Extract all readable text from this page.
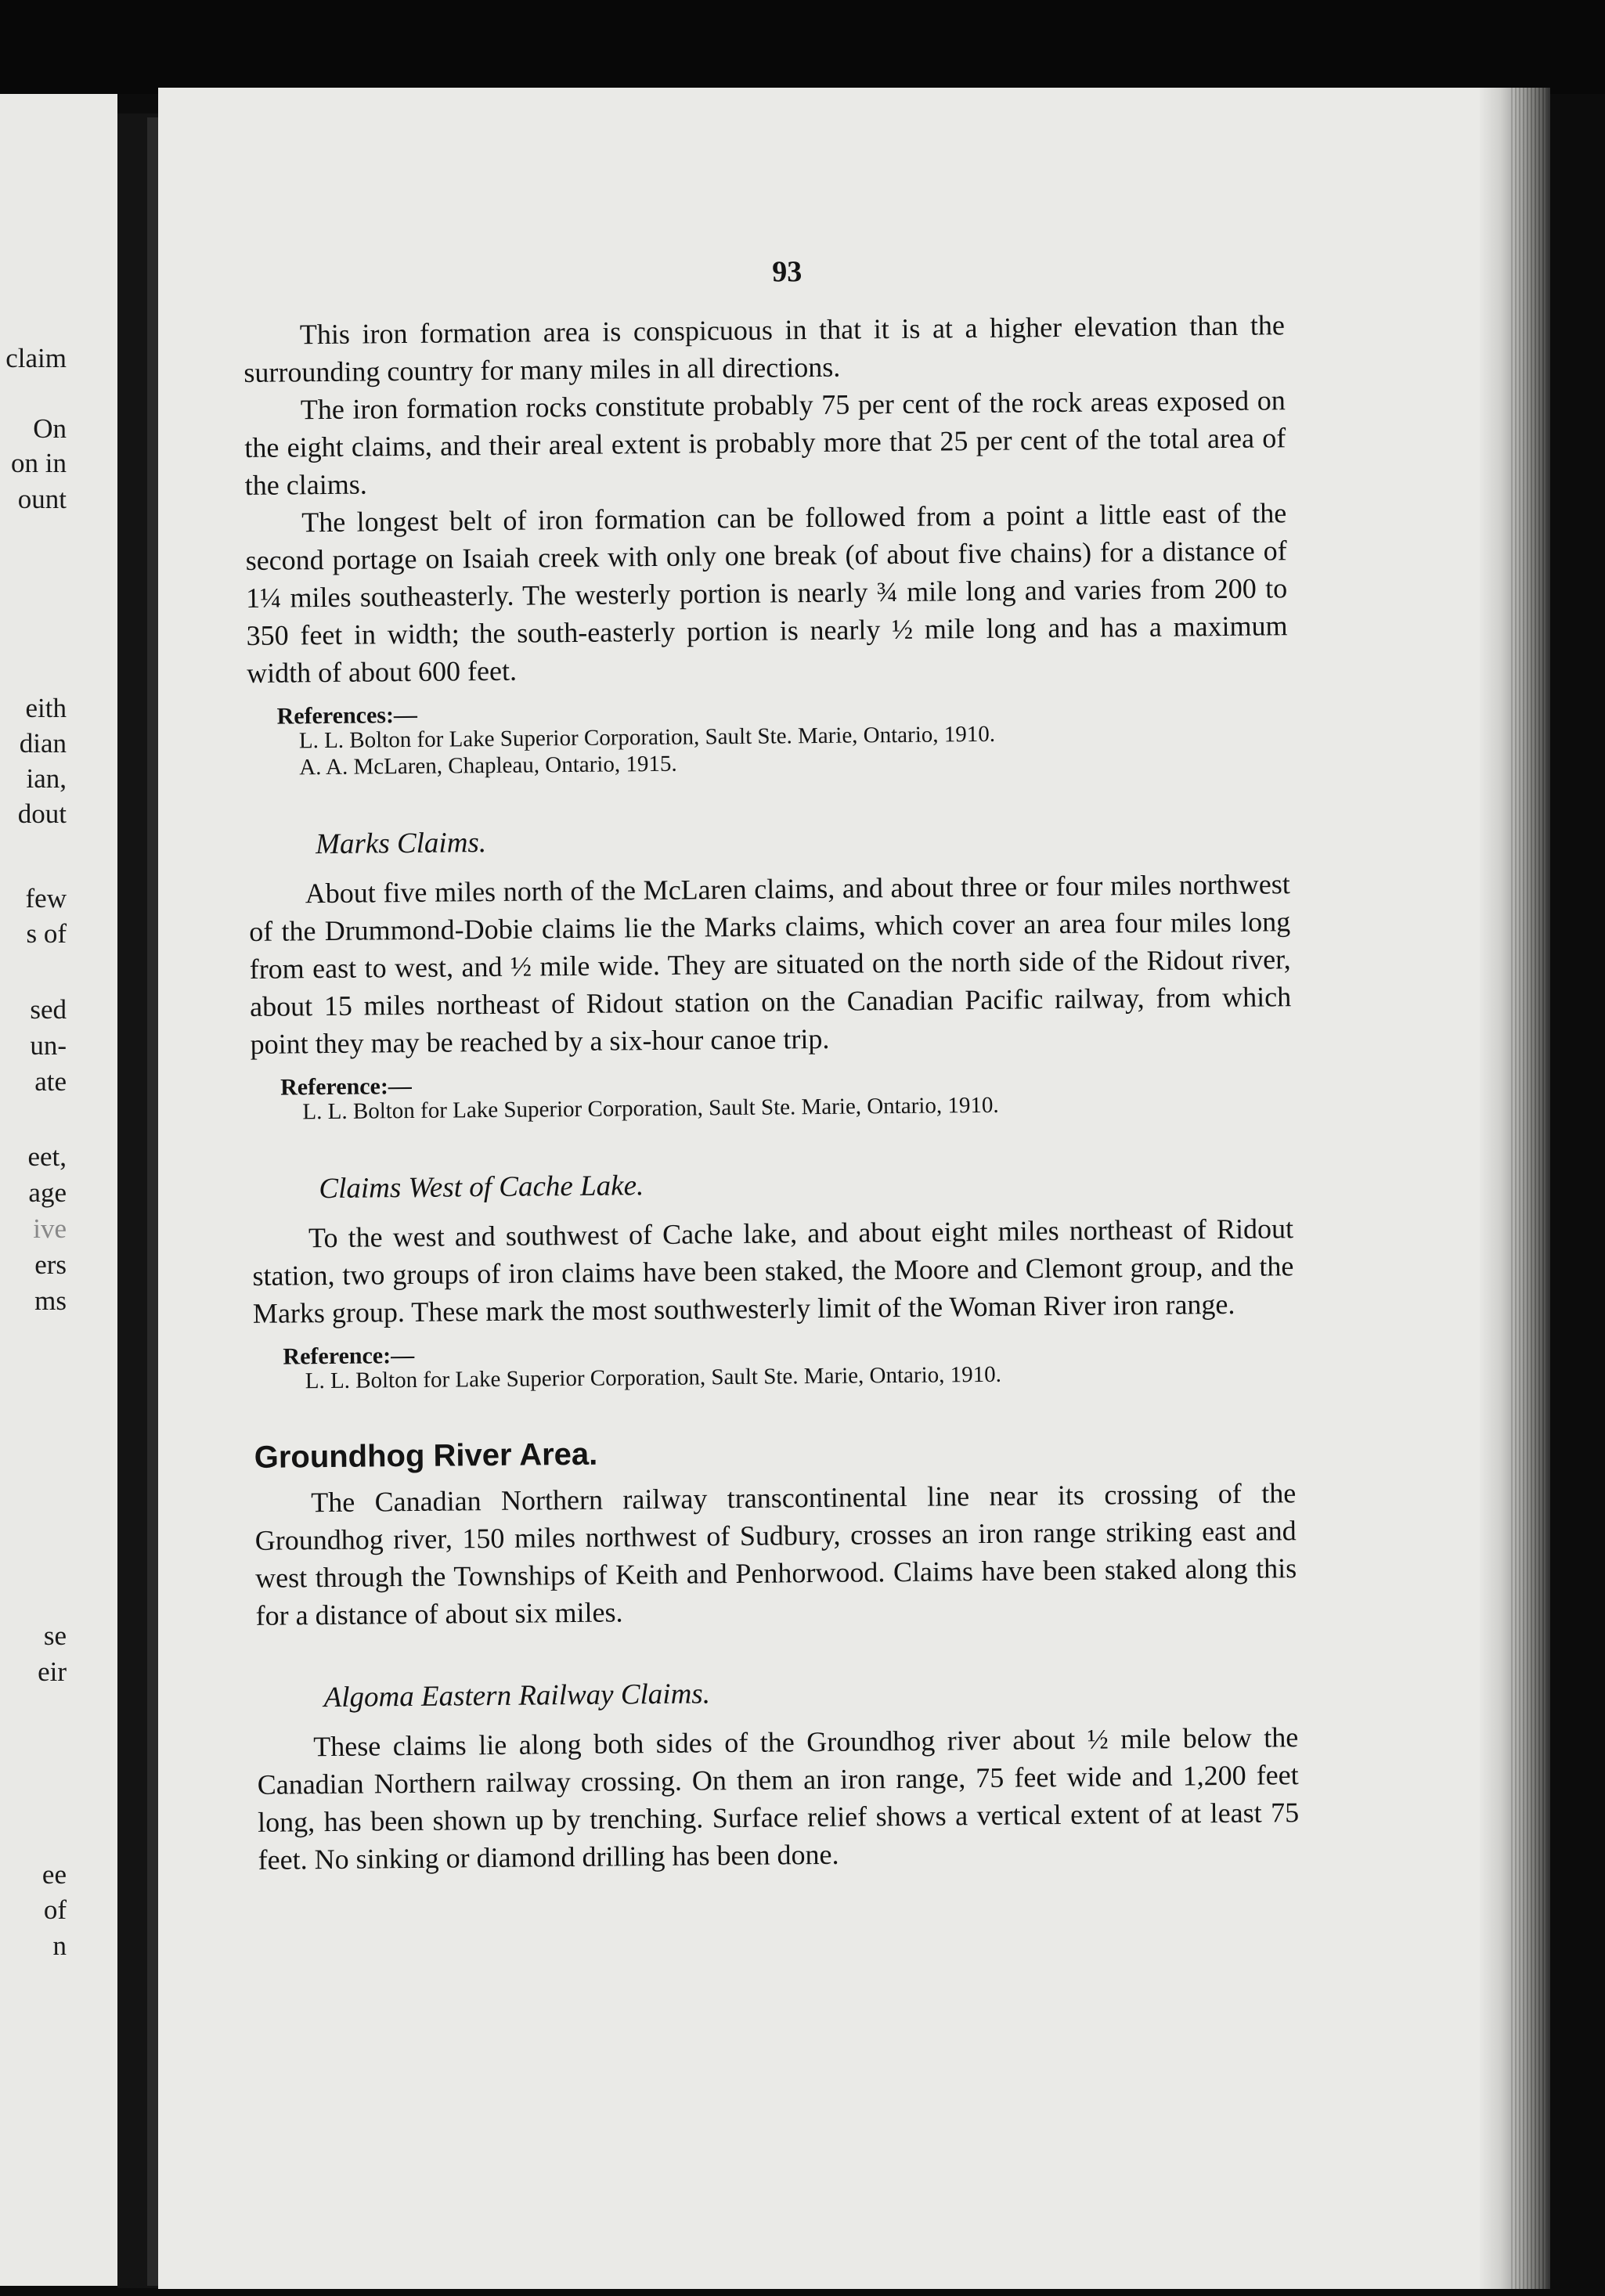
claim
On
on in
ount
eith
dian
ian,
dout
few
s of
sed
un-
ate
eet,
age
ive
ers
ms
se
eir
ee
of
n
93

This iron formation area is conspicuous in that it is at a higher elevation than the surrounding country for many miles in all directions.

The iron formation rocks constitute probably 75 per cent of the rock areas exposed on the eight claims, and their areal extent is probably more that 25 per cent of the total area of the claims.

The longest belt of iron formation can be followed from a point a little east of the second portage on Isaiah creek with only one break (of about five chains) for a distance of 1¼ miles southeasterly. The westerly portion is nearly ¾ mile long and varies from 200 to 350 feet in width; the south-easterly portion is nearly ½ mile long and has a maximum width of about 600 feet.

References:—
L. L. Bolton for Lake Superior Corporation, Sault Ste. Marie, Ontario, 1910.
A. A. McLaren, Chapleau, Ontario, 1915.
Marks Claims.

About five miles north of the McLaren claims, and about three or four miles northwest of the Drummond-Dobie claims lie the Marks claims, which cover an area four miles long from east to west, and ½ mile wide. They are situated on the north side of the Ridout river, about 15 miles northeast of Ridout station on the Canadian Pacific railway, from which point they may be reached by a six-hour canoe trip.

Reference:—
L. L. Bolton for Lake Superior Corporation, Sault Ste. Marie, Ontario, 1910.
Claims West of Cache Lake.

To the west and southwest of Cache lake, and about eight miles northeast of Ridout station, two groups of iron claims have been staked, the Moore and Clemont group, and the Marks group. These mark the most southwesterly limit of the Woman River iron range.

Reference:—
L. L. Bolton for Lake Superior Corporation, Sault Ste. Marie, Ontario, 1910.
Groundhog River Area.

The Canadian Northern railway transcontinental line near its crossing of the Groundhog river, 150 miles northwest of Sudbury, crosses an iron range striking east and west through the Townships of Keith and Penhorwood. Claims have been staked along this for a distance of about six miles.

Algoma Eastern Railway Claims.

These claims lie along both sides of the Groundhog river about ½ mile below the Canadian Northern railway crossing. On them an iron range, 75 feet wide and 1,200 feet long, has been shown up by trenching. Surface relief shows a vertical extent of at least 75 feet. No sinking or diamond drilling has been done.
